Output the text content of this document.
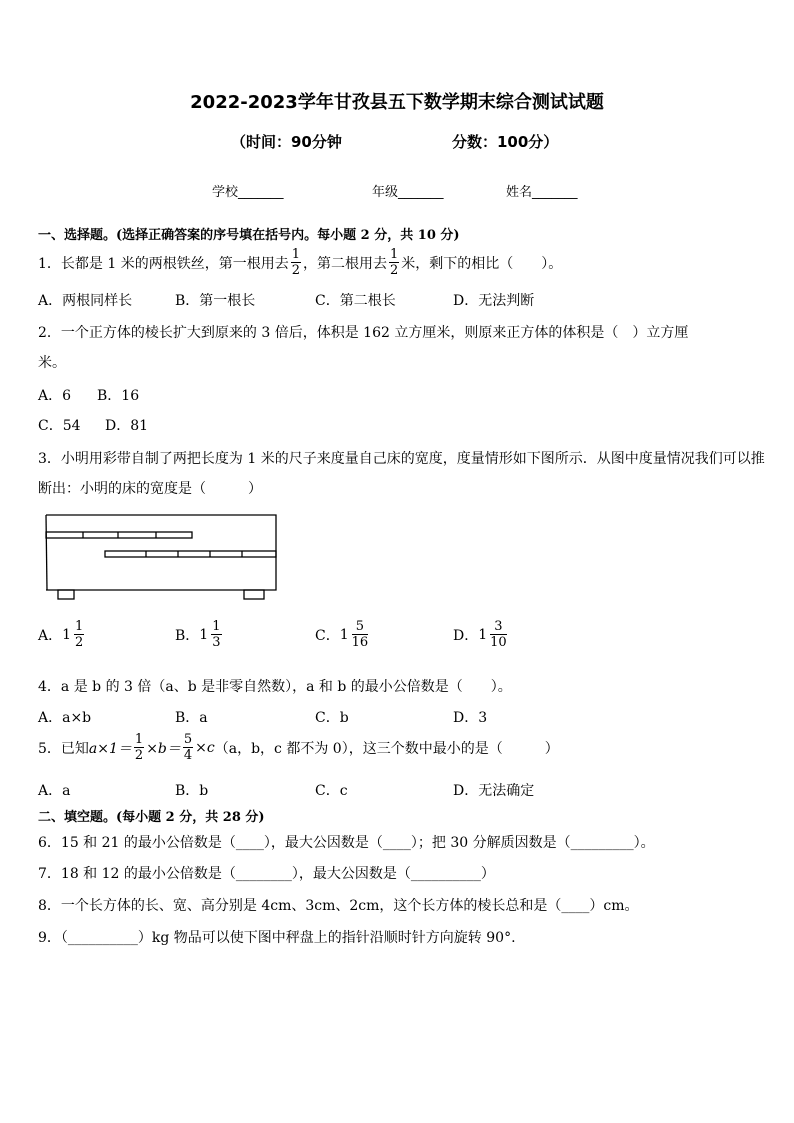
2022-2023学年甘孜县五下数学期末综合测试试题
（时间：90分钟	分数：100分）
学校_______	年级_______	姓名_______
一、选择题。(选择正确答案的序号填在括号内。每小题 2 分，共 10 分)
1．长都是 1 米的两根铁丝，第一根用去 $\frac{1}{2}$ ，第二根用去 $\frac{1}{2}$ 米，剩下的相比（　　）。
A．两根同样长	B．第一根长	C．第二根长	D．无法判断
2．一个正方体的棱长扩大到原来的 3 倍后，体积是 162 立方厘米，则原来正方体的体积是（　）立方厘
米。
A．6 B．16
C．54 D．81
3．小明用彩带自制了两把长度为 1 米的尺子来度量自己床的宽度，度量情形如下图所示．从图中度量情况我们可以推
断出：小明的床的宽度是（　　　）
A． $1 \frac{1}{2}$	B． $1 \frac{1}{3}$	C． $1 \frac{5}{16}$	D． $1 \frac{3}{10}$
4．a 是 b 的 3 倍（a、b 是非零自然数），a 和 b 的最小公倍数是（　　）。
A．a×b	B．a	C．b	D．3
5．已知 $a\times 1= \frac{1}{2} \times b= \frac{5}{4} \times c$ （a，b，c 都不为 0），这三个数中最小的是（　　　）
A．a	B．b	C．c	D．无法确定
二、填空题。(每小题 2 分，共 28 分)
6．15 和 21 的最小公倍数是（____），最大公因数是（____）；把 30 分解质因数是（_________）。
7．18 和 12 的最小公倍数是（________），最大公因数是（__________）
8．一个长方体的长、宽、高分别是 4cm、3cm、2cm，这个长方体的棱长总和是（____）cm。
9．（__________）kg 物品可以使下图中秤盘上的指针沿顺时针方向旋转 90°.
